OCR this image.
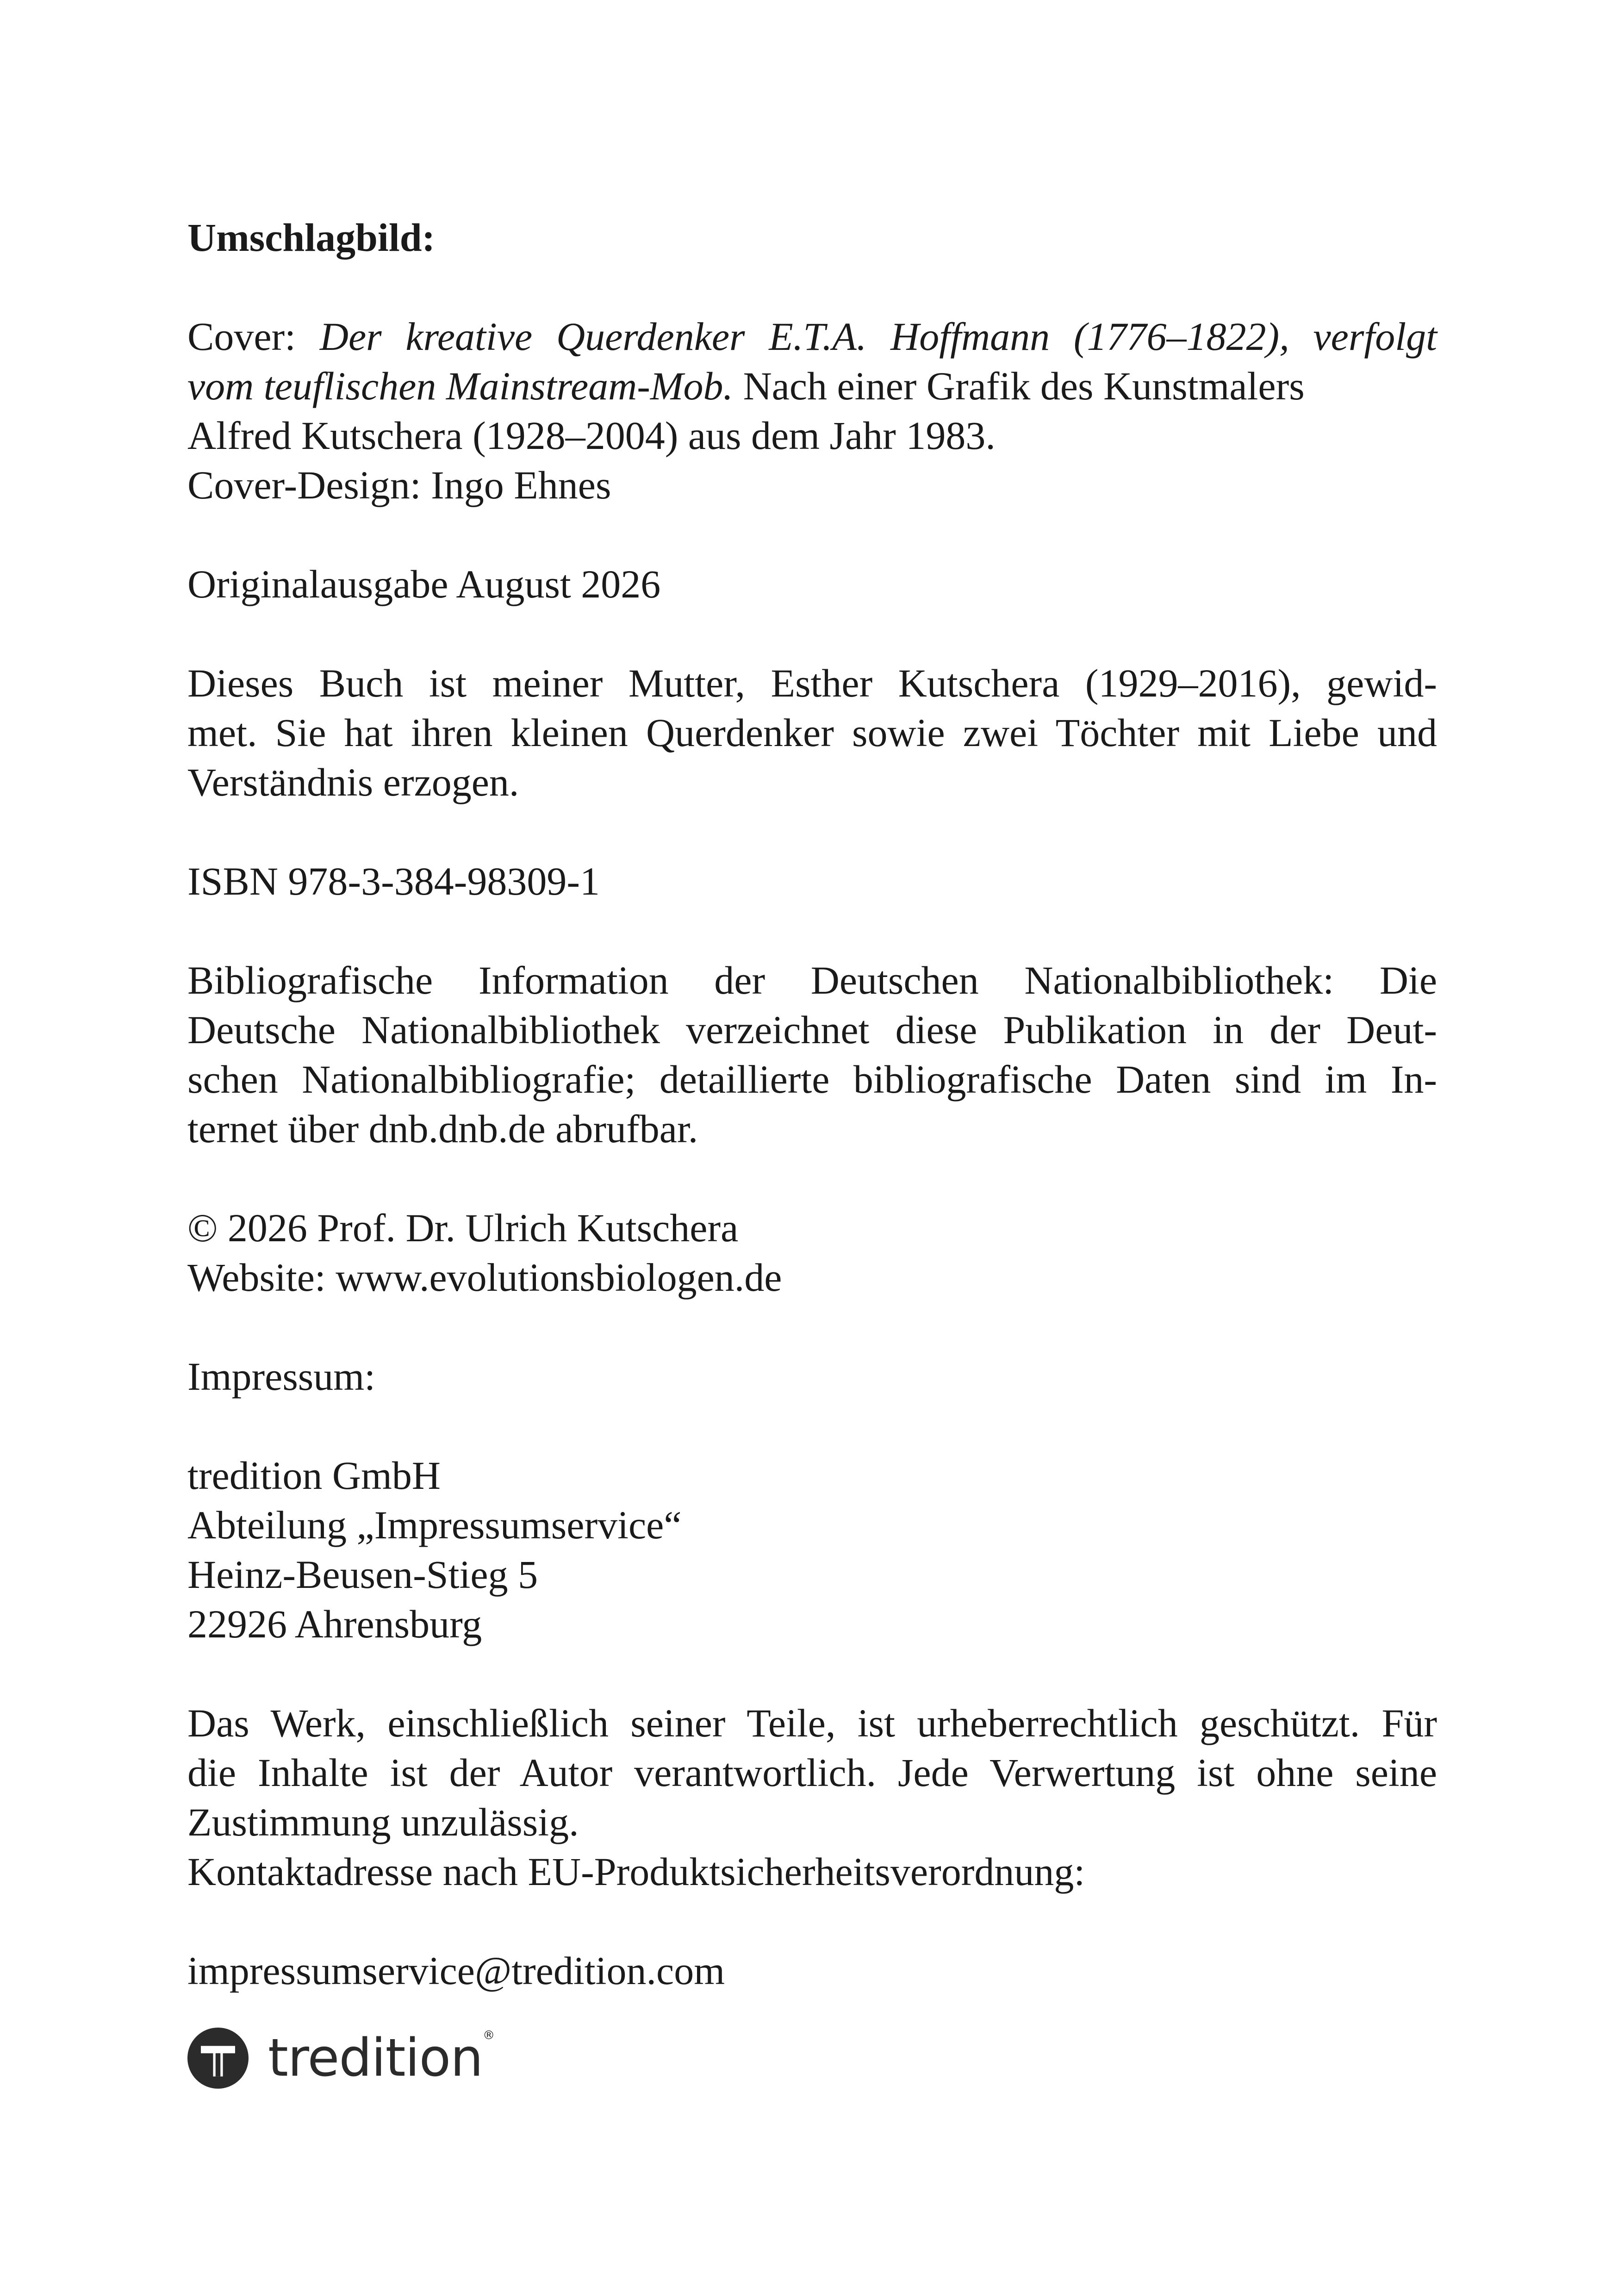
Umschlagbild:
Cover: Der kreative Querdenker E.T.A. Hoffmann (1776–1822), verfolgt
vom teuflischen Mainstream-Mob. Nach einer Grafik des Kunstmalers
Alfred Kutschera (1928–2004) aus dem Jahr 1983.
Cover-Design: Ingo Ehnes
Originalausgabe August 2026
Dieses Buch ist meiner Mutter, Esther Kutschera (1929–2016), gewid-
met. Sie hat ihren kleinen Querdenker sowie zwei Töchter mit Liebe und
Verständnis erzogen.
ISBN 978-3-384-98309-1
Bibliografische Information der Deutschen Nationalbibliothek: Die
Deutsche Nationalbibliothek verzeichnet diese Publikation in der Deut-
schen Nationalbibliografie; detaillierte bibliografische Daten sind im In-
ternet über dnb.dnb.de abrufbar.
© 2026 Prof. Dr. Ulrich Kutschera
Website: www.evolutionsbiologen.de
Impressum:
tredition GmbH
Abteilung „Impressumservice“
Heinz-Beusen-Stieg 5
22926 Ahrensburg
Das Werk, einschließlich seiner Teile, ist urheberrechtlich geschützt. Für
die Inhalte ist der Autor verantwortlich. Jede Verwertung ist ohne seine
Zustimmung unzulässig.
Kontaktadresse nach EU-Produktsicherheitsverordnung:
impressumservice@tredition.com
tredition®
